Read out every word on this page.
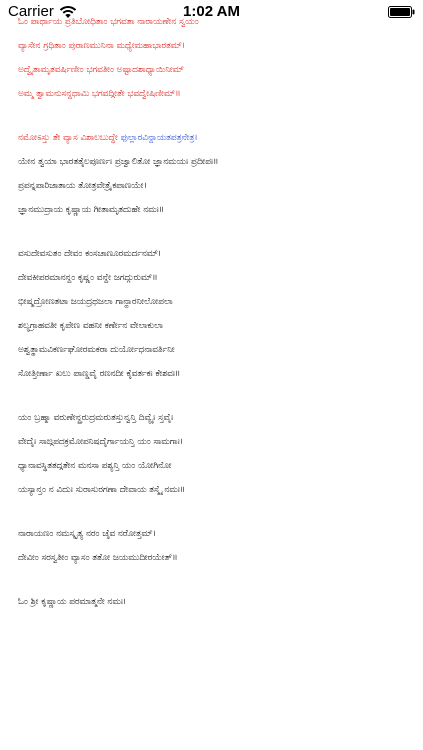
Carrier	1:02 AM
ಓಂ ಪಾರ್ಥಾಯ ಪ್ರತಿಬೋಧಿತಾಂ ಭಗವತಾ ನಾರಾಯಣೇನ ಸ್ವಯಂ
ವ್ಯಾಸೇನ ಗ್ರಥಿತಾಂ ಪುರಾಣಮುನಿನಾ ಮಧ್ಯೇಮಹಾಭಾರತಮ್।
ಅದ್ವೈತಾಮೃತವರ್ಷಿಣೀಂ ಭಗವತೀಂ ಅಷ್ಟಾದಶಾಧ್ಯಾಯಿನೀಮ್
ಅಮ್ಮ ತ್ವಾಮನುಸನ್ದಧಾಮಿ ಭಗವದ್ಗೀತೇ ಭವದ್ವೇಷಿಣೀಮ್॥
ನಮೋಽಸ್ತು ತೇ ವ್ಯಾಸ ವಿಶಾಲಬುದ್ಧೇ ಫುಲ್ಲಾರವಿನ್ದಾಯತಪತ್ರನೇತ್ರ।
ಯೇನ ತ್ವಯಾ ಭಾರತತೈಲಪೂರ್ಣಃ ಪ್ರಜ್ವಾಲಿತೋ ಜ್ಞಾನಮಯಃ ಪ್ರದೀಪಃ॥
ಪ್ರಪನ್ನಪಾರಿಜಾತಾಯ ತೋತ್ರವೇತ್ರೈಕಪಾಣಯೇ।
ಜ್ಞಾನಮುದ್ರಾಯ ಕೃಷ್ಣಾಯ ಗೀತಾಮೃತದುಹೇ ನಮಃ॥
ವಸುದೇವಸುತಂ ದೇವಂ ಕಂಸಚಾಣೂರಮರ್ದನಮ್।
ದೇವಕೀಪರಮಾನನ್ದಂ ಕೃಷ್ಣಂ ವನ್ದೇ ಜಗದ್ಗುರುಮ್॥
ಭೀಷ್ಮದ್ರೋಣತಟಾ ಜಯದ್ರಥಜಲಾ ಗಾನ್ಧಾರನೀಲೋಪಲಾ
ಶಲ್ಯಗ್ರಾಹವತೀ ಕೃಪೇಣ ವಹನೀ ಕರ್ಣೇನ ವೇಲಾಕುಲಾ
ಅಶ್ವತ್ಥಾಮವಿಕರ್ಣಘೋರಮಕರಾ ದುರ್ಯೋಧನಾವರ್ತಿನೀ
ಸೋತ್ತೀರ್ಣಾ ಖಲು ಪಾಣ್ಡವೈ ರಣನದೀ ಕೈವರ್ತಕಃ ಕೇಶವಃ॥
ಯಂ ಬ್ರಹ್ಮಾ ವರುಣೇನ್ದ್ರರುದ್ರಮರುತಸ್ತುನ್ವನ್ತಿ ದಿವ್ಯೈಃ ಸ್ತವೈಃ
ವೇದೈಃ ಸಾಙ್ಗಪದಕ್ರಮೋಪನಿಷದೈರ್ಗಾಯನ್ತಿ ಯಂ ಸಾಮಗಾಃ।
ಧ್ಯಾನಾವಸ್ಥಿತತದ್ಗತೇನ ಮನಸಾ ಪಶ್ಯನ್ತಿ ಯಂ ಯೋಗಿನೋ
ಯಸ್ಯಾನ್ತಂ ನ ವಿದುಃ ಸುರಾಸುರಗಣಾ ದೇವಾಯ ತಸ್ಮೈ ನಮಃ॥
ನಾರಾಯಣಂ ನಮಸ್ಕೃತ್ಯ ನರಂ ಚೈವ ನರೋತ್ತಮ್।
ದೇವೀಂ ಸರಸ್ವತೀಂ ವ್ಯಾಸಂ ತತೋ ಜಯಮುದೀರಯೇತ್॥
ಓಂ ಶ್ರೀ ಕೃಷ್ಣಾಯ ಪರಮಾತ್ಮನೇ ನಮಃ।
